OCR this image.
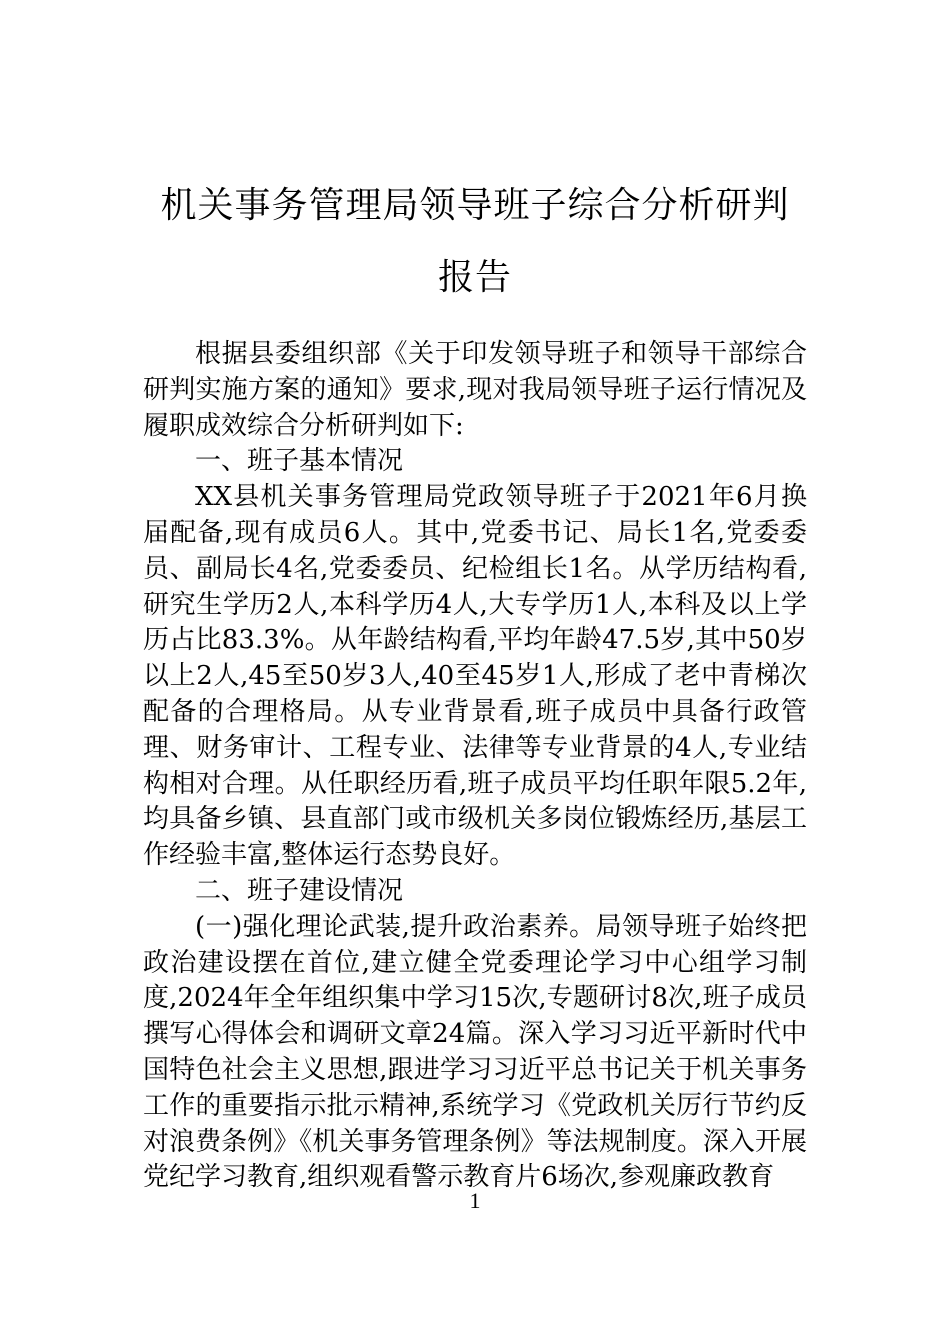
机关事务管理局领导班子综合分析研判报告

根据县委组织部《关于印发领导班子和领导干部综合研判实施方案的通知》要求,现对我局领导班子运行情况及履职成效综合分析研判如下:

一、班子基本情况

XX县机关事务管理局党政领导班子于2021年6月换届配备,现有成员6人。其中,党委书记、局长1名,党委委员、副局长4名,党委委员、纪检组长1名。从学历结构看,研究生学历2人,本科学历4人,大专学历1人,本科及以上学历占比83.3%。从年龄结构看,平均年龄47.5岁,其中50岁以上2人,45至50岁3人,40至45岁1人,形成了老中青梯次配备的合理格局。从专业背景看,班子成员中具备行政管理、财务审计、工程专业、法律等专业背景的4人,专业结构相对合理。从任职经历看,班子成员平均任职年限5.2年,均具备乡镇、县直部门或市级机关多岗位锻炼经历,基层工作经验丰富,整体运行态势良好。

二、班子建设情况

(一)强化理论武装,提升政治素养。局领导班子始终把政治建设摆在首位,建立健全党委理论学习中心组学习制度,2024年全年组织集中学习15次,专题研讨8次,班子成员撰写心得体会和调研文章24篇。深入学习习近平新时代中国特色社会主义思想,跟进学习习近平总书记关于机关事务工作的重要指示批示精神,系统学习《党政机关厉行节约反对浪费条例》《机关事务管理条例》等法规制度。深入开展党纪学习教育,组织观看警示教育片6场次,参观廉政教育

1
